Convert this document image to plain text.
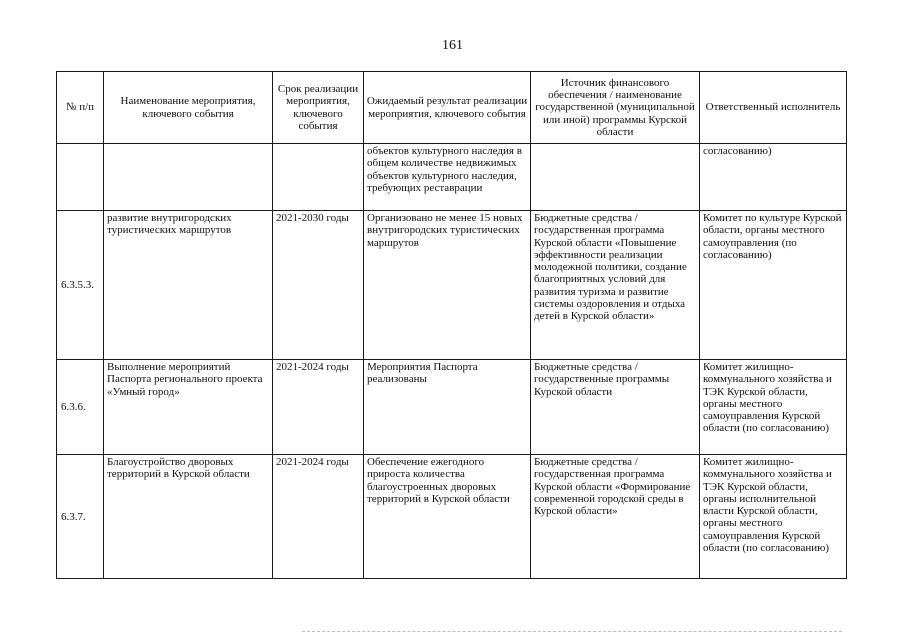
161
№ п/п	Наименование мероприятия, ключевого события	Срок реализации мероприятия, ключевого события	Ожидаемый результат реализации мероприятия, ключевого события	Источник финансового обеспечения / наименование государственной (муниципальной или иной) программы Курской области	Ответственный исполнитель
			объектов культурного наследия в общем количестве недвижимых объектов культурного наследия, требующих реставрации		согласованию)
6.3.5.3.	развитие внутригородских туристических маршрутов	2021-2030 годы	Организовано не менее 15 новых внутригородских туристических маршрутов	Бюджетные средства / государственная программа Курской области «Повышение эффективности реализации молодежной политики, создание благоприятных условий для развития туризма и развитие системы оздоровления и отдыха детей в Курской области»	Комитет по культуре Курской области, органы местного самоуправления (по согласованию)
6.3.6.	Выполнение мероприятий Паспорта регионального проекта «Умный город»	2021-2024 годы	Мероприятия Паспорта реализованы	Бюджетные средства / государственные программы Курской области	Комитет жилищно-коммунального хозяйства и ТЭК Курской области, органы местного самоуправления Курской области (по согласованию)
6.3.7.	Благоустройство дворовых территорий в Курской области	2021-2024 годы	Обеспечение ежегодного прироста количества благоустроенных дворовых территорий в Курской области	Бюджетные средства / государственная программа Курской области «Формирование современной городской среды в Курской области»	Комитет жилищно-коммунального хозяйства и ТЭК Курской области, органы исполнительной власти Курской области, органы местного самоуправления Курской области (по согласованию)
